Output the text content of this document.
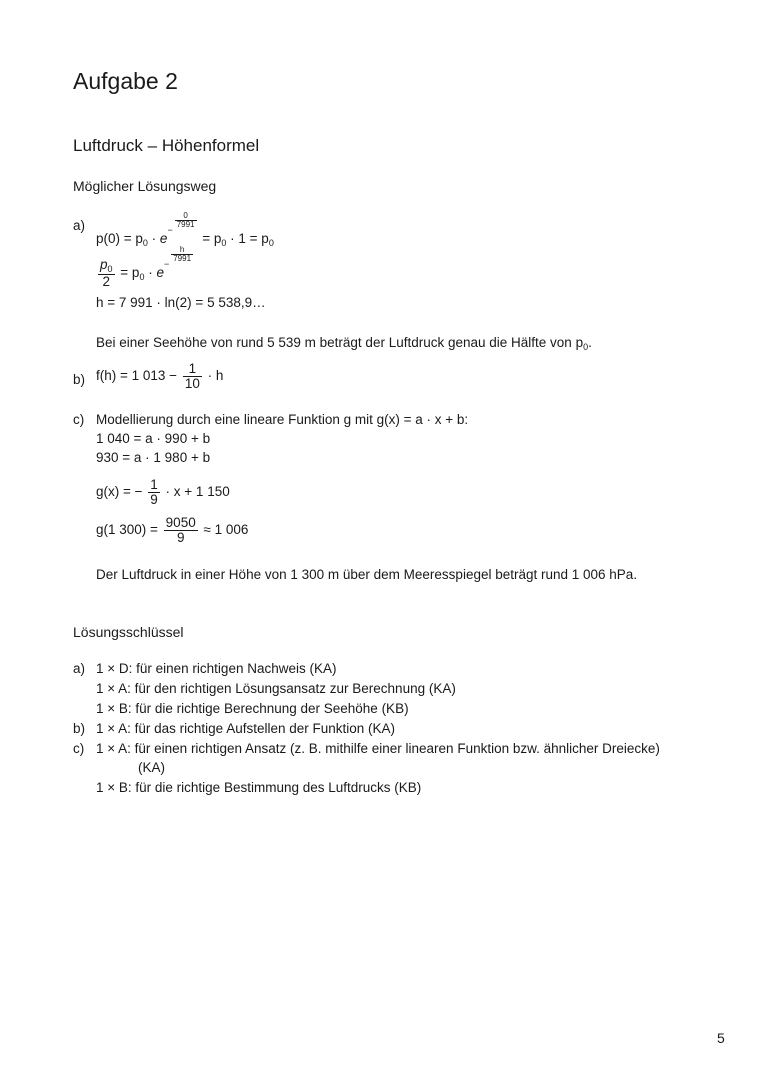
Aufgabe 2
Luftdruck – Höhenformel
Möglicher Lösungsweg
a)
$p(0) = p_0 \cdot e^{- \frac{0}{7991}}$
= $p_0 \cdot 1 = p_0$
$\frac{p_0}{2} = p_0 \cdot e^{- \frac{h}{7991}}$
h = 7 991 · ln(2) = 5 538,9…
Bei einer Seehöhe von rund 5 539 m beträgt der Luftdruck genau die Hälfte von $p_0$.
b) f(h) = 1 $013 - \frac{1}{10} \cdot h$
c) Modellierung durch eine lineare Funktion g mit g(x) = a · x + b:
1 040 = a · 990 + b
930 = a · 1 980 + b
g(x) = − $\frac{1}{9} \cdot x + 1$ 150
g(1 $300) = \frac{9050}{9} \approx 1$ 006
Der Luftdruck in einer Höhe von 1 300 m über dem Meeresspiegel beträgt rund 1 006 hPa.
Lösungsschlüssel
a) 1 × D: für einen richtigen Nachweis (KA)
1 × A: für den richtigen Lösungsansatz zur Berechnung (KA)
1 × B: für die richtige Berechnung der Seehöhe (KB)
b) 1 × A: für das richtige Aufstellen der Funktion (KA)
c) 1 × A: für einen richtigen Ansatz (z. B. mithilfe einer linearen Funktion bzw. ähnlicher Dreiecke)
(KA)
1 × B: für die richtige Bestimmung des Luftdrucks (KB)
5
